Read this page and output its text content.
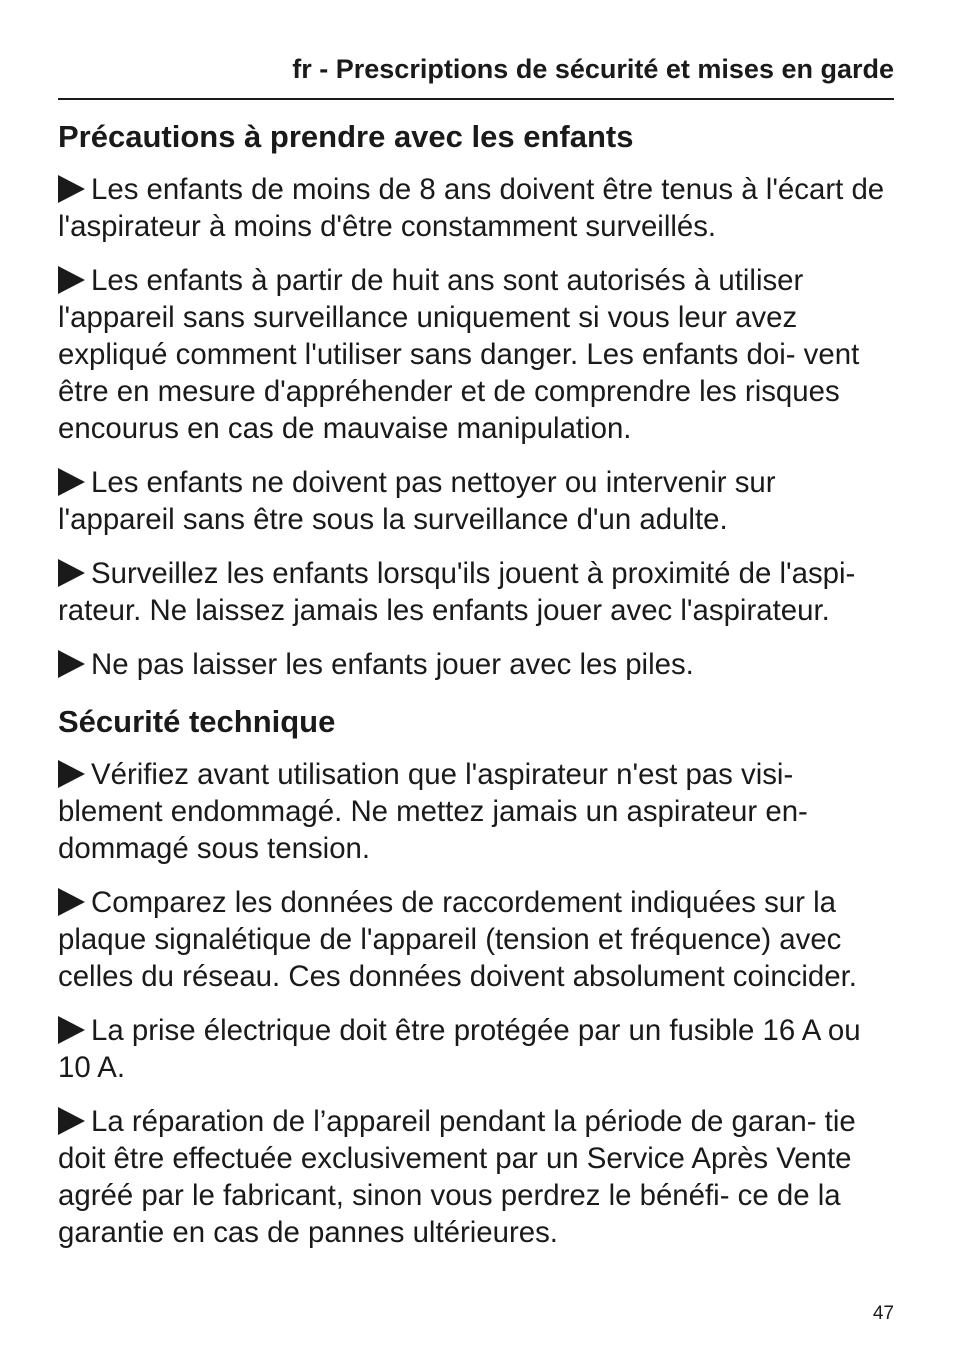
fr - Prescriptions de sécurité et mises en garde
Précautions à prendre avec les enfants

Les enfants de moins de 8 ans doivent être tenus à l'écart de l'aspirateur à moins d'être constamment surveillés.

Les enfants à partir de huit ans sont autorisés à utiliser l'appareil sans surveillance uniquement si vous leur avez expliqué comment l'utiliser sans danger. Les enfants doi- vent être en mesure d'appréhender et de comprendre les risques encourus en cas de mauvaise manipulation.

Les enfants ne doivent pas nettoyer ou intervenir sur l'appareil sans être sous la surveillance d'un adulte.

Surveillez les enfants lorsqu'ils jouent à proximité de l'aspi- rateur. Ne laissez jamais les enfants jouer avec l'aspirateur.

Ne pas laisser les enfants jouer avec les piles.

Sécurité technique

Vérifiez avant utilisation que l'aspirateur n'est pas visi- blement endommagé. Ne mettez jamais un aspirateur en- dommagé sous tension.

Comparez les données de raccordement indiquées sur la plaque signalétique de l'appareil (tension et fréquence) avec celles du réseau. Ces données doivent absolument coincider.

La prise électrique doit être protégée par un fusible 16 A ou 10 A.

La réparation de l’appareil pendant la période de garan- tie doit être effectuée exclusivement par un Service Après Vente agréé par le fabricant, sinon vous perdrez le bénéfi- ce de la garantie en cas de pannes ultérieures.

47
